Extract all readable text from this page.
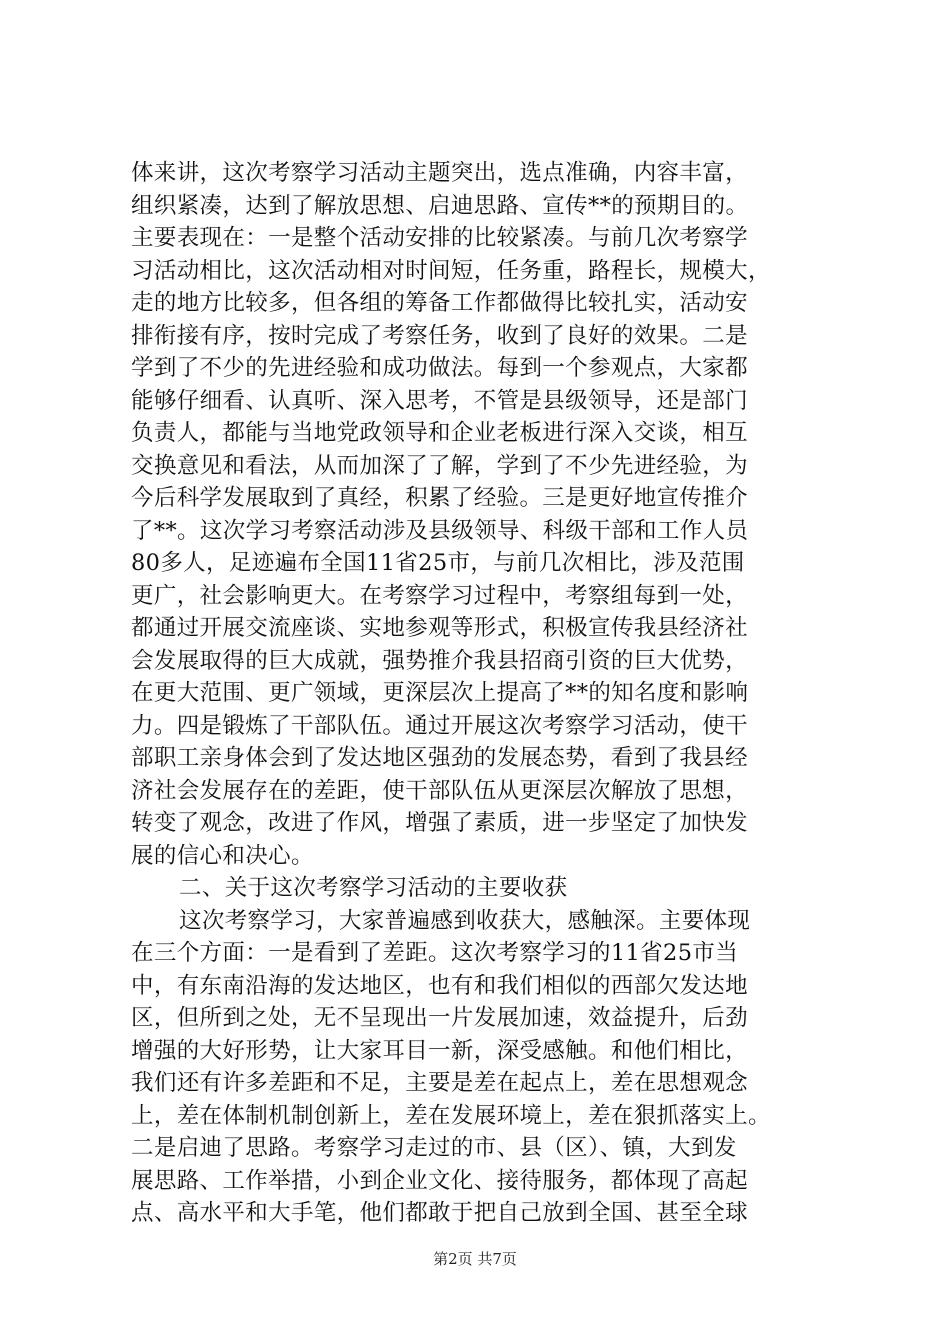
体来讲，这次考察学习活动主题突出，选点准确，内容丰富，
组织紧凑，达到了解放思想、启迪思路、宣传**的预期目的。
主要表现在：一是整个活动安排的比较紧凑。与前几次考察学
习活动相比，这次活动相对时间短，任务重，路程长，规模大，
走的地方比较多，但各组的筹备工作都做得比较扎实，活动安
排衔接有序，按时完成了考察任务，收到了良好的效果。二是
学到了不少的先进经验和成功做法。每到一个参观点，大家都
能够仔细看、认真听、深入思考，不管是县级领导，还是部门
负责人，都能与当地党政领导和企业老板进行深入交谈，相互
交换意见和看法，从而加深了了解，学到了不少先进经验，为
今后科学发展取到了真经，积累了经验。三是更好地宣传推介
了**。这次学习考察活动涉及县级领导、科级干部和工作人员
80多人，足迹遍布全国11省25市，与前几次相比，涉及范围
更广，社会影响更大。在考察学习过程中，考察组每到一处，
都通过开展交流座谈、实地参观等形式，积极宣传我县经济社
会发展取得的巨大成就，强势推介我县招商引资的巨大优势，
在更大范围、更广领域，更深层次上提高了**的知名度和影响
力。四是锻炼了干部队伍。通过开展这次考察学习活动，使干
部职工亲身体会到了发达地区强劲的发展态势，看到了我县经
济社会发展存在的差距，使干部队伍从更深层次解放了思想，
转变了观念，改进了作风，增强了素质，进一步坚定了加快发
展的信心和决心。
二、关于这次考察学习活动的主要收获
这次考察学习，大家普遍感到收获大，感触深。主要体现
在三个方面：一是看到了差距。这次考察学习的11省25市当
中，有东南沿海的发达地区，也有和我们相似的西部欠发达地
区，但所到之处，无不呈现出一片发展加速，效益提升，后劲
增强的大好形势，让大家耳目一新，深受感触。和他们相比，
我们还有许多差距和不足，主要是差在起点上，差在思想观念
上，差在体制机制创新上，差在发展环境上，差在狠抓落实上。
二是启迪了思路。考察学习走过的市、县（区）、镇，大到发
展思路、工作举措，小到企业文化、接待服务，都体现了高起
点、高水平和大手笔，他们都敢于把自己放到全国、甚至全球
第2页 共7页
